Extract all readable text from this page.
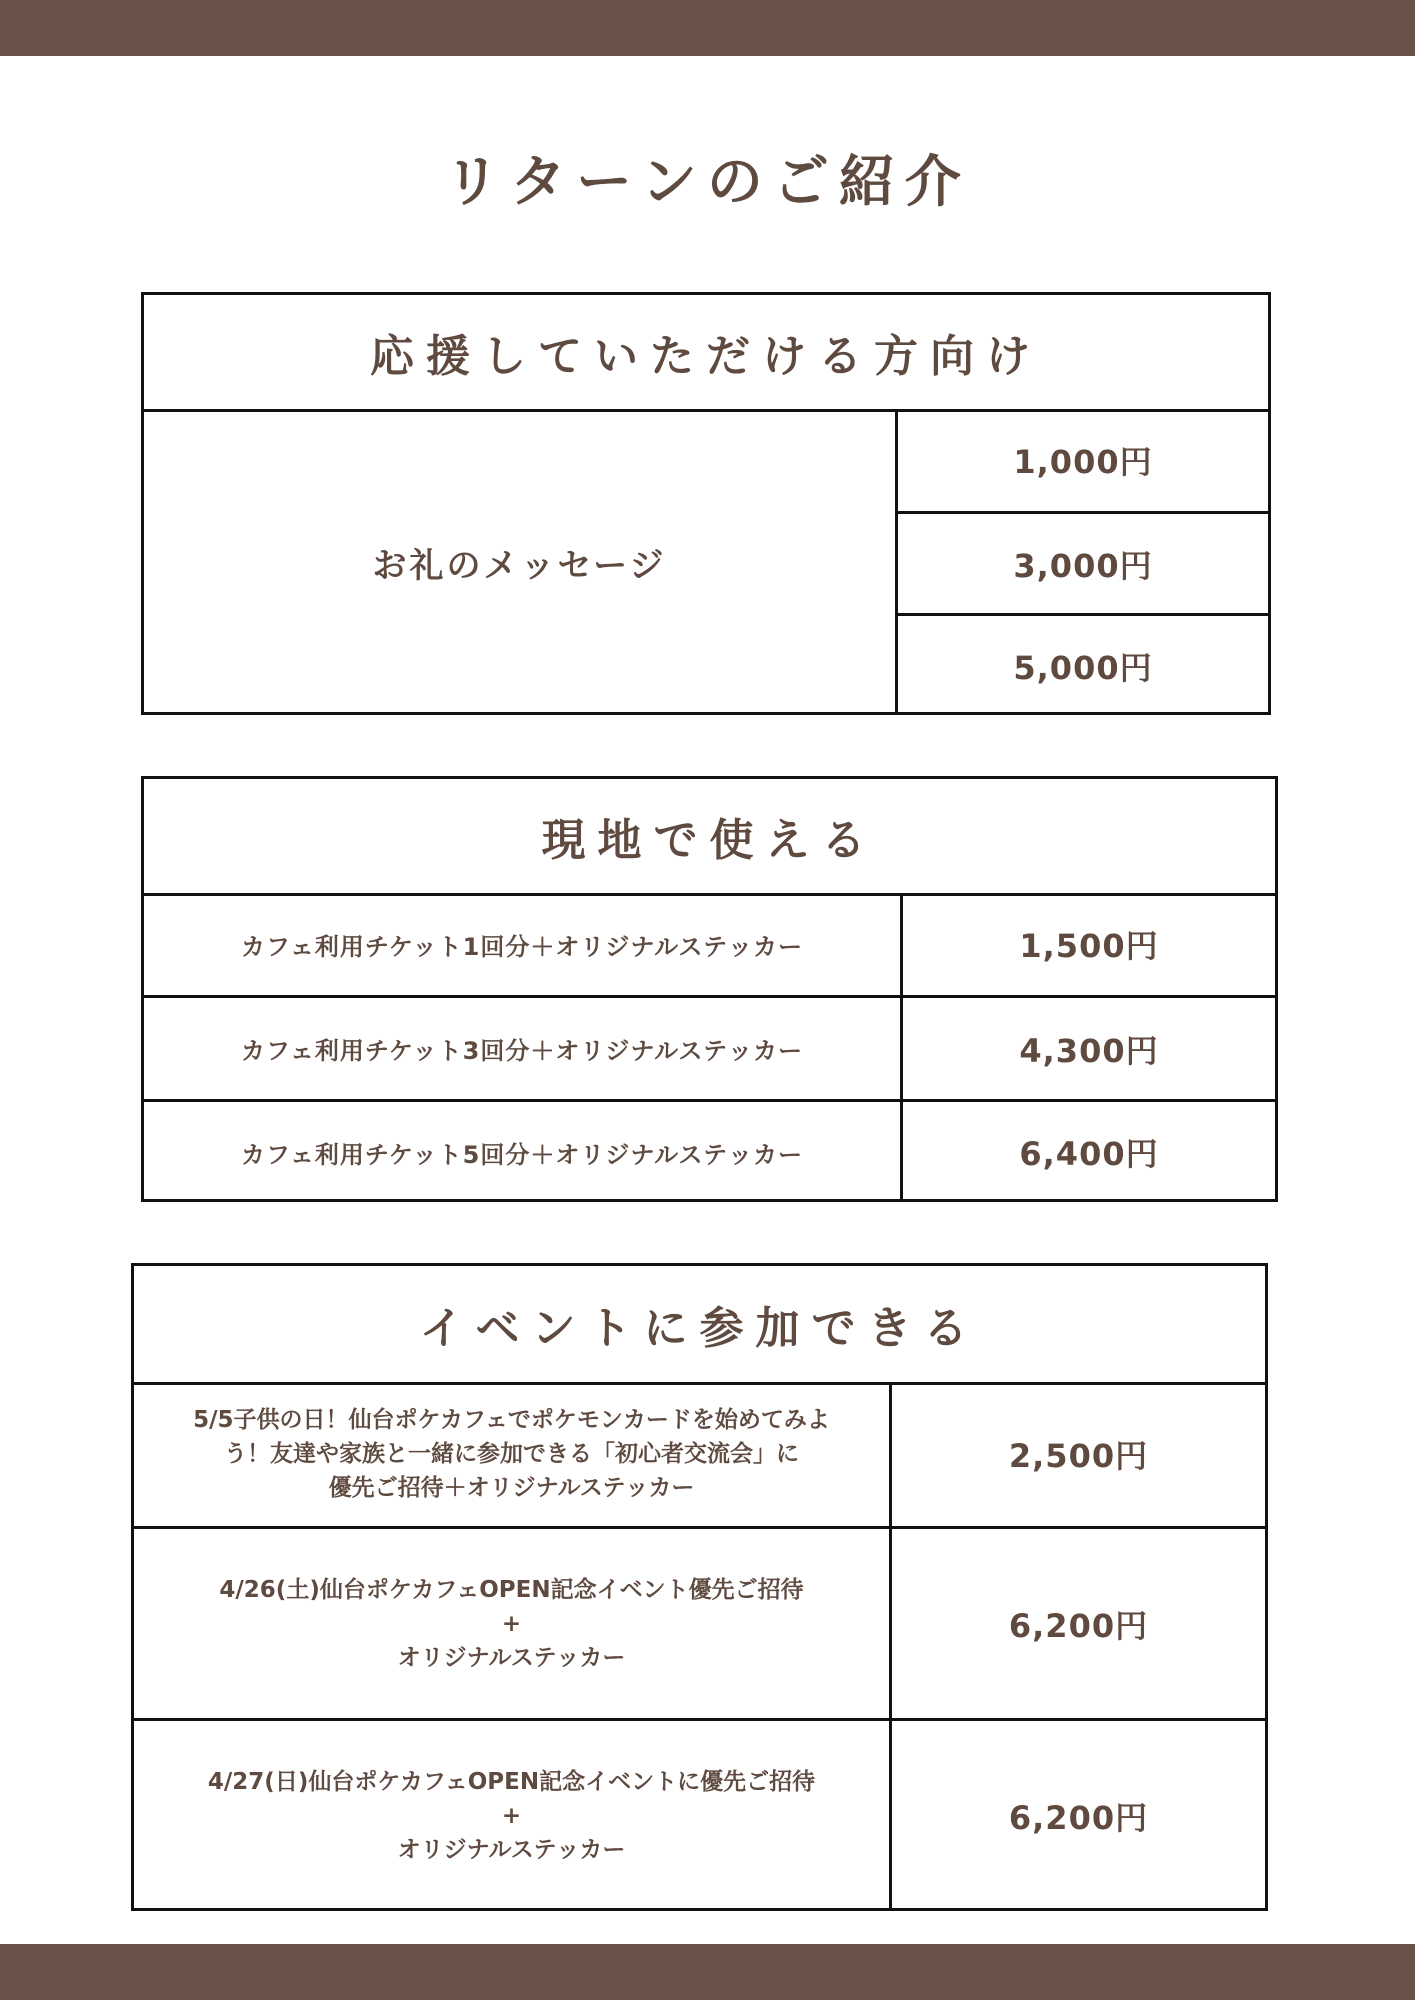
リターンのご紹介
応援していただける方向け
お礼のメッセージ
1,000円
3,000円
5,000円
現地で使える
カフェ利用チケット1回分＋オリジナルステッカー	1,500円
カフェ利用チケット3回分＋オリジナルステッカー	4,300円
カフェ利用チケット5回分＋オリジナルステッカー	6,400円
イベントに参加できる
5/5子供の日！仙台ポケカフェでポケモンカードを始めてみよ
う！友達や家族と一緒に参加できる「初心者交流会」に
優先ご招待＋オリジナルステッカー
2,500円
4/26(土)仙台ポケカフェOPEN記念イベント優先ご招待
+
オリジナルステッカー
6,200円
4/27(日)仙台ポケカフェOPEN記念イベントに優先ご招待
+
オリジナルステッカー
6,200円
